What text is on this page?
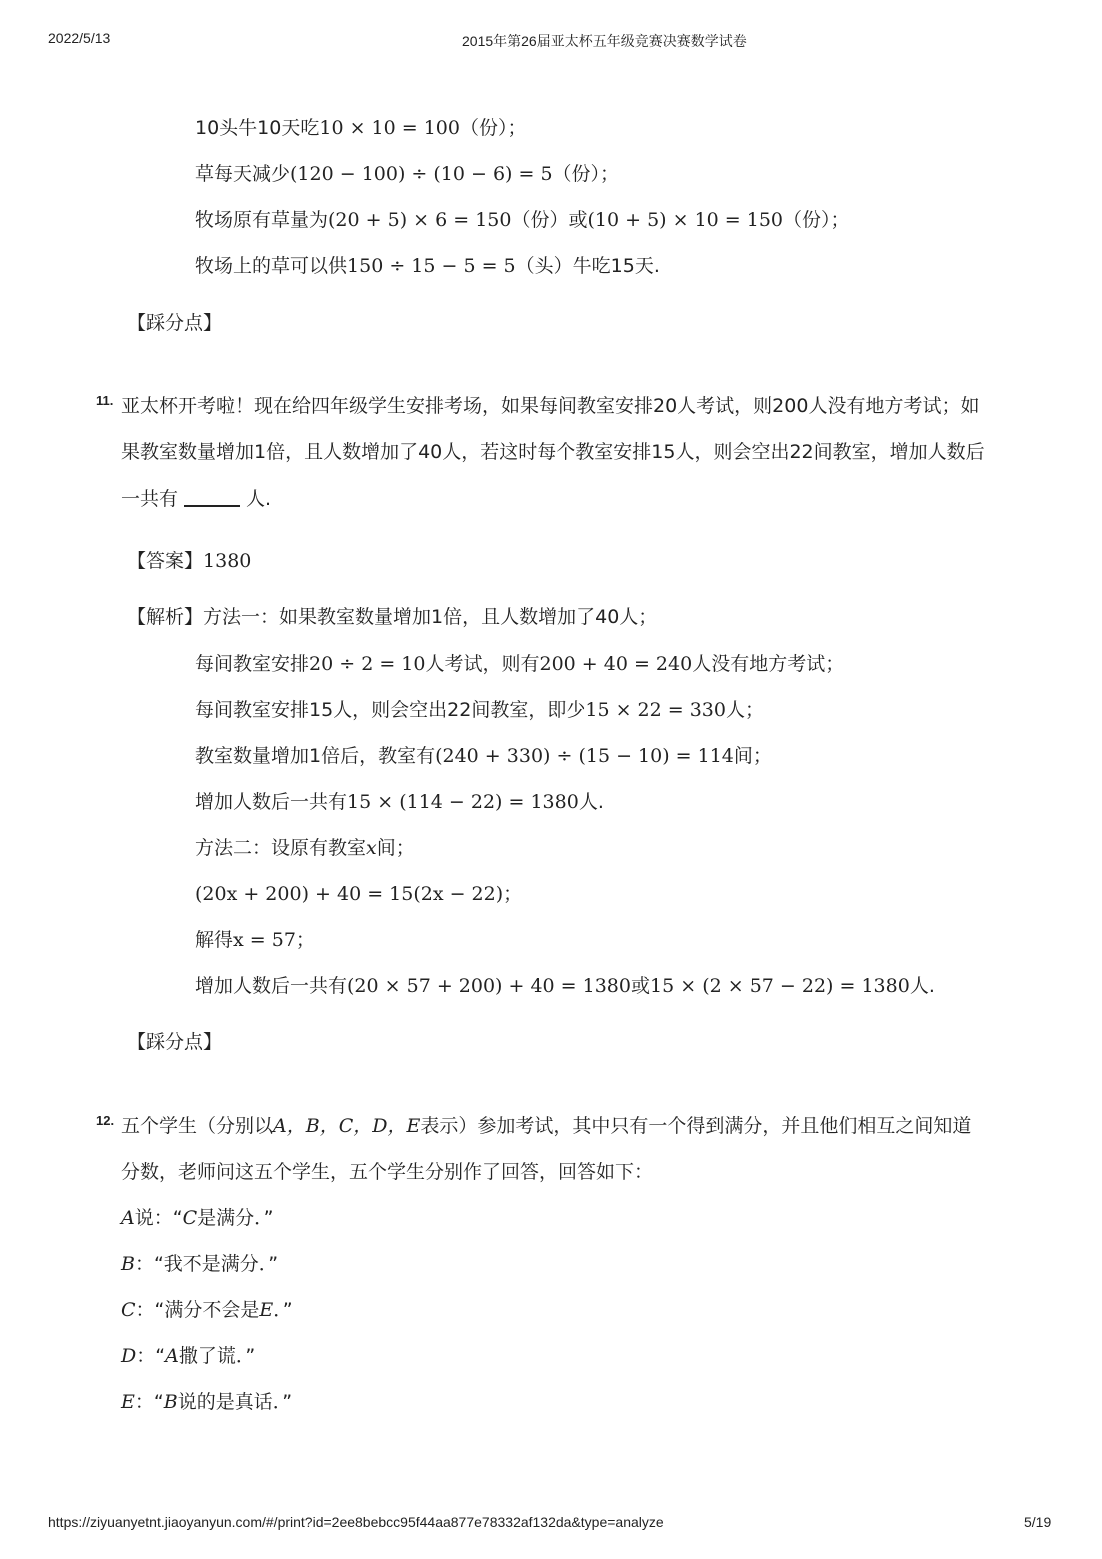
2022/5/13	2015年第26届亚太杯五年级竞赛决赛数学试卷
10头牛10天吃10 × 10 = 100（份）；
草每天减少(120 − 100) ÷ (10 − 6) = 5（份）；
牧场原有草量为(20 + 5) × 6 = 150（份）或(10 + 5) × 10 = 150（份）；
牧场上的草可以供150 ÷ 15 − 5 = 5（头）牛吃15天.
【踩分点】
11. 亚太杯开考啦！现在给四年级学生安排考场，如果每间教室安排20人考试，则200人没有地方考试；如
果教室数量增加1倍，且人数增加了40人，若这时每个教室安排15人，则会空出22间教室，增加人数后
一共有	人.
【答案】1380
【解析】方法一：如果教室数量增加1倍，且人数增加了40人；
每间教室安排20 ÷ 2 = 10人考试，则有200 + 40 = 240人没有地方考试；
每间教室安排15人，则会空出22间教室，即少15 × 22 = 330人；
教室数量增加1倍后，教室有(240 + 330) ÷ (15 − 10) = 114间；
增加人数后一共有15 × (114 − 22) = 1380人.
方法二：设原有教室x间；
(20x + 200) + 40 = 15(2x − 22)；
解得x = 57；
增加人数后一共有(20 × 57 + 200) + 40 = 1380或15 × (2 × 57 − 22) = 1380人.
【踩分点】
12. 五个学生（分别以A，B，C，D，E表示）参加考试，其中只有一个得到满分，并且他们相互之间知道
分数，老师问这五个学生，五个学生分别作了回答，回答如下：
A说：“C是满分．”
B：“我不是满分．”
C：“满分不会是E．”
D：“A撒了谎．”
E：“B说的是真话．”
https://ziyuanyetnt.jiaoyanyun.com/#/print?id=2ee8bebcc95f44aa877e78332af132da&type=analyze	5/19
